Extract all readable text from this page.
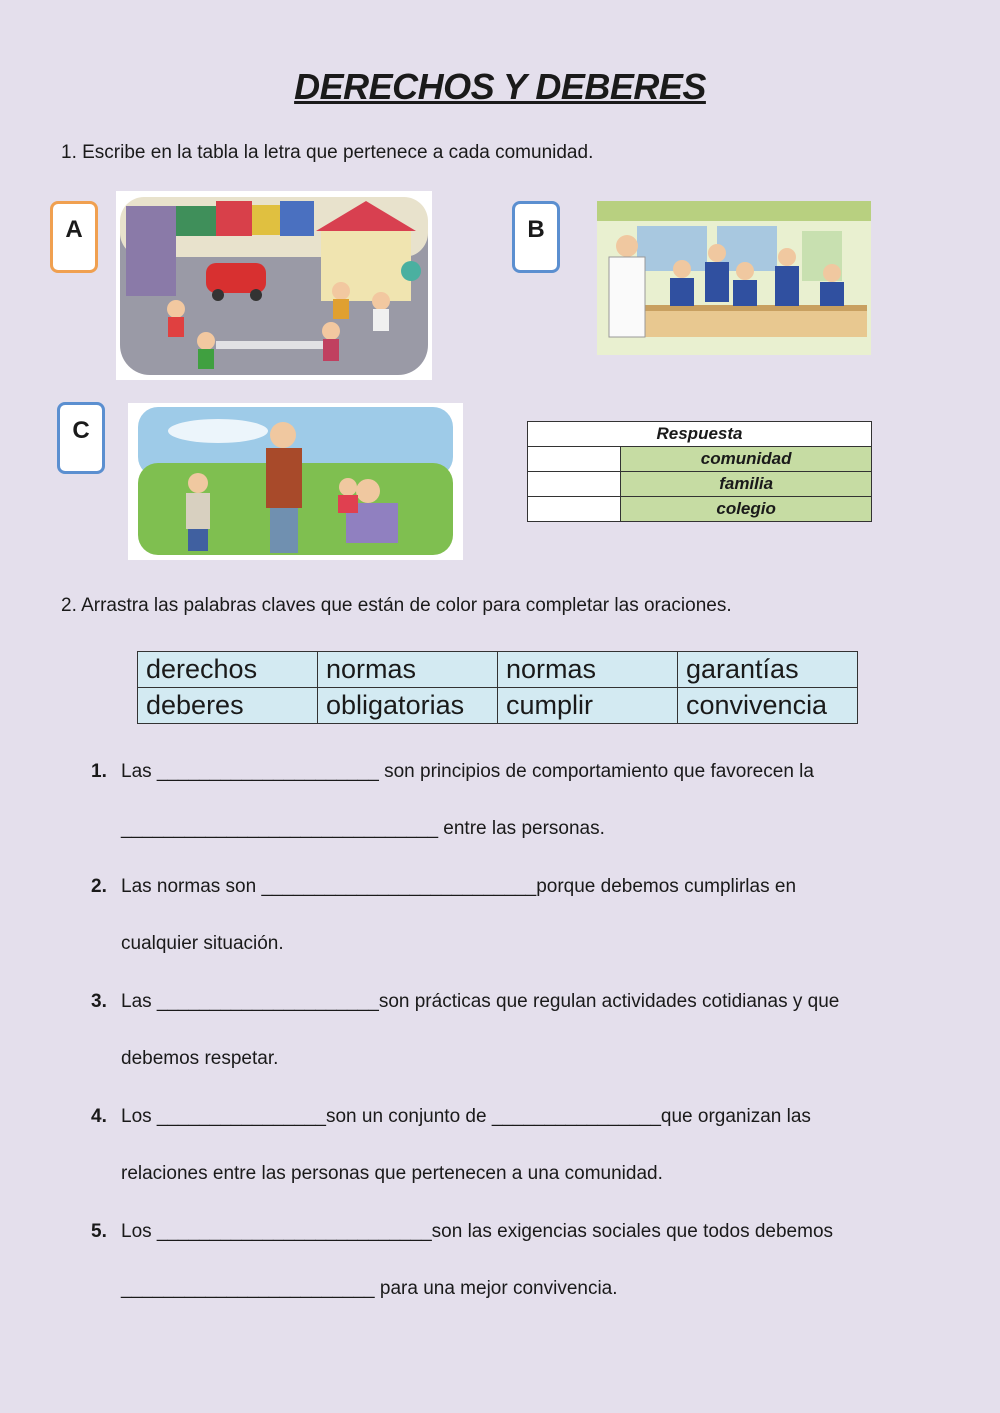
DERECHOS Y DEBERES
1. Escribe en la tabla la letra que pertenece a cada comunidad.
A	B
C	Respuesta	
	comunidad
	familia
	colegio
2. Arrastra las palabras claves que están de color para completar las oraciones.
derechos	normas	normas	garantías
deberes	obligatorias	cumplir	convivencia
1. Las _____________________ son principios de comportamiento que favorecen la
______________________________ entre las personas.
2. Las normas son __________________________porque debemos cumplirlas en
cualquier situación.
3. Las _____________________son prácticas que regulan actividades cotidianas y que
debemos respetar.
4. Los ________________son un conjunto de ________________que organizan las
relaciones entre las personas que pertenecen a una comunidad.
5. Los __________________________son las exigencias sociales que todos debemos
________________________ para una mejor convivencia.
